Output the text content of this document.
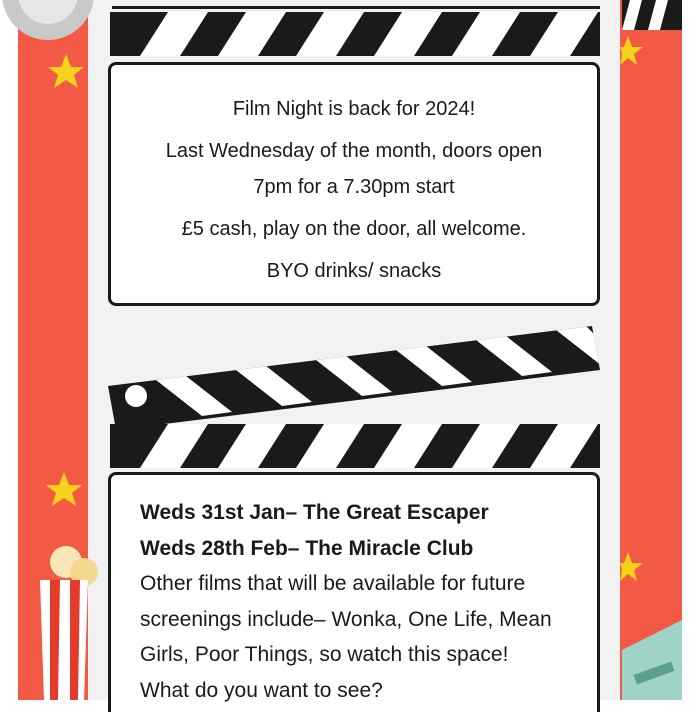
Film Night is back for 2024!

Last Wednesday of the month, doors open

7pm for a 7.30pm start

£5 cash, play on the door, all welcome.

BYO drinks/ snacks

Weds 31st Jan– The Great Escaper

Weds 28th Feb– The Miracle Club

Other films that will be available for future

screenings include– Wonka, One Life, Mean

Girls, Poor Things, so watch this space!

What do you want to see?
